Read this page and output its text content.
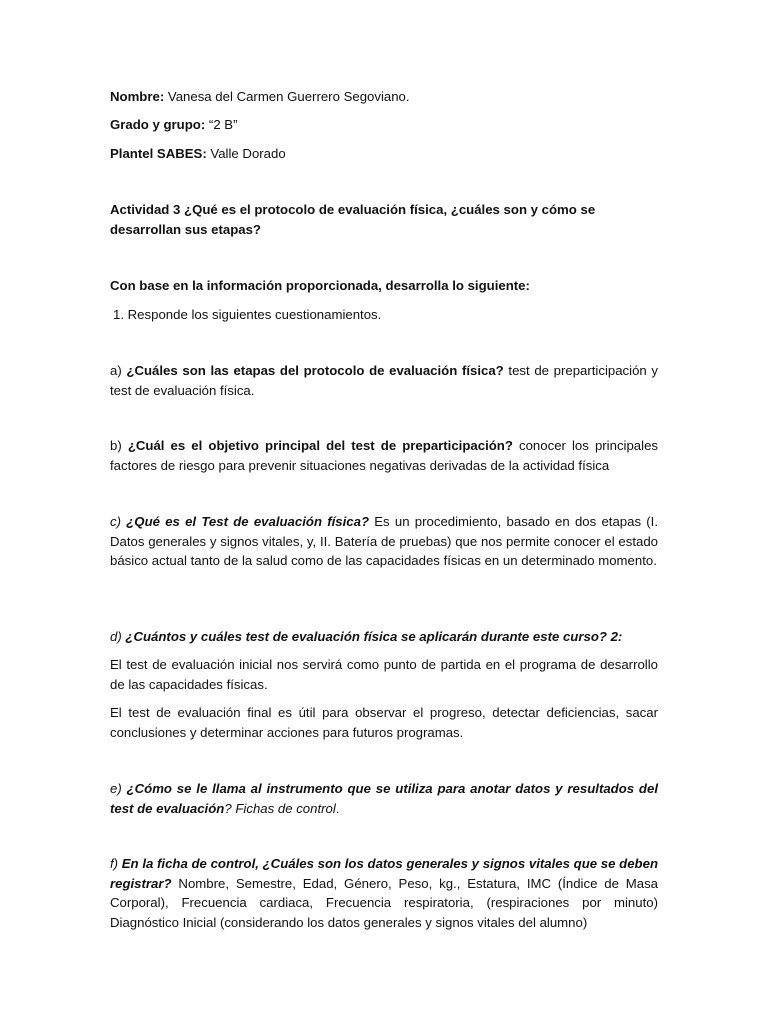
Nombre: Vanesa del Carmen Guerrero Segoviano.

Grado y grupo: “2 B”

Plantel SABES: Valle Dorado

Actividad 3 ¿Qué es el protocolo de evaluación física, ¿cuáles son y cómo se desarrollan sus etapas?

Con base en la información proporcionada, desarrolla lo siguiente:

1. Responde los siguientes cuestionamientos.

a) ¿Cuáles son las etapas del protocolo de evaluación física? test de preparticipación y test de evaluación física.

b) ¿Cuál es el objetivo principal del test de preparticipación? conocer los principales factores de riesgo para prevenir situaciones negativas derivadas de la actividad física

c) ¿Qué es el Test de evaluación física? Es un procedimiento, basado en dos etapas (I. Datos generales y signos vitales, y, II. Batería de pruebas) que nos permite conocer el estado básico actual tanto de la salud como de las capacidades físicas en un determinado momento.

d) ¿Cuántos y cuáles test de evaluación física se aplicarán durante este curso? 2:

El test de evaluación inicial nos servirá como punto de partida en el programa de desarrollo de las capacidades físicas.

El test de evaluación final es útil para observar el progreso, detectar deficiencias, sacar conclusiones y determinar acciones para futuros programas.

e) ¿Cómo se le llama al instrumento que se utiliza para anotar datos y resultados del test de evaluación? Fichas de control.

f) En la ficha de control, ¿Cuáles son los datos generales y signos vitales que se deben registrar? Nombre, Semestre, Edad, Género, Peso, kg., Estatura, IMC (Índice de Masa Corporal), Frecuencia cardiaca, Frecuencia respiratoria, (respiraciones por minuto) Diagnóstico Inicial (considerando los datos generales y signos vitales del alumno)
